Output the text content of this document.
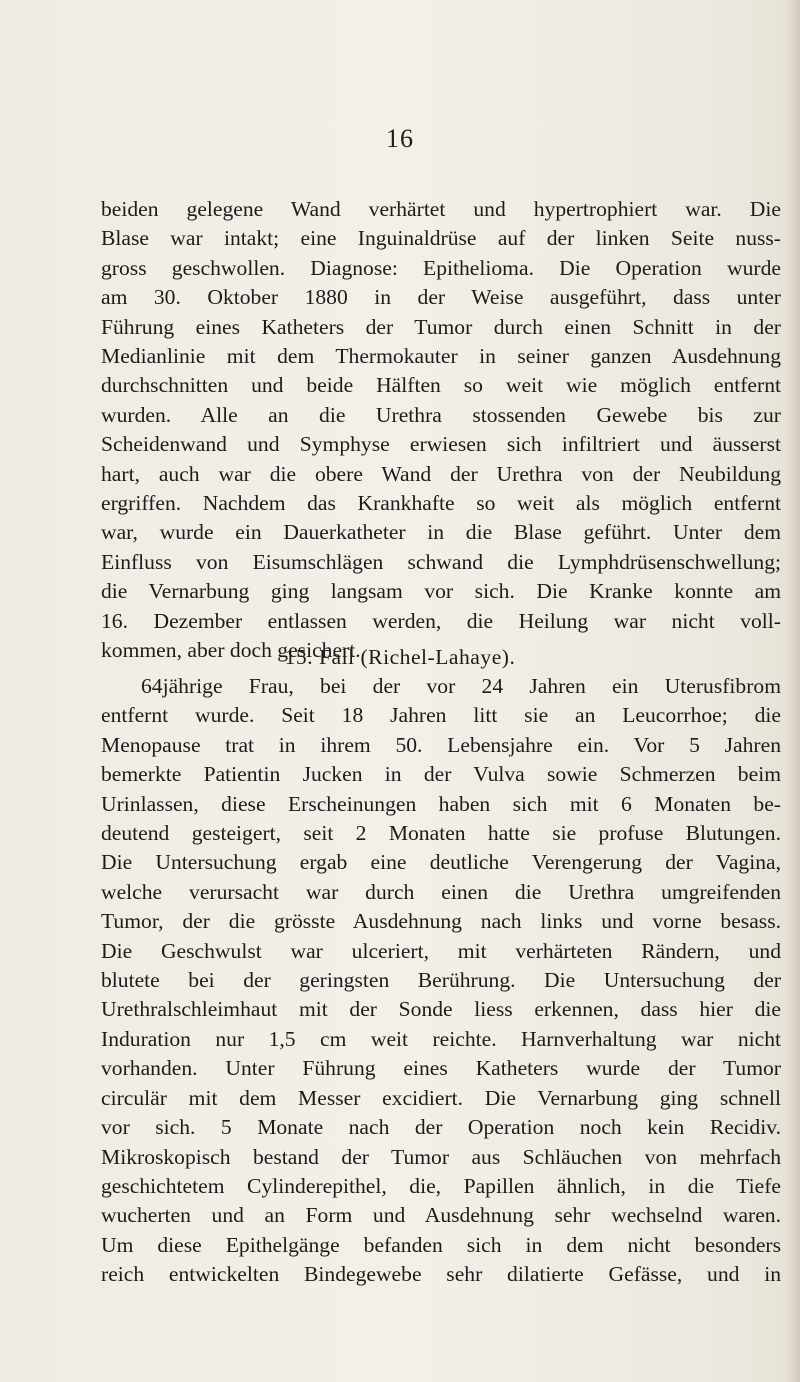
16
beiden gelegene Wand verhärtet und hypertrophiert war. Die
Blase war intakt; eine Inguinaldrüse auf der linken Seite nuss-
gross geschwollen. Diagnose: Epithelioma. Die Operation wurde
am 30. Oktober 1880 in der Weise ausgeführt, dass unter
Führung eines Katheters der Tumor durch einen Schnitt in der
Medianlinie mit dem Thermokauter in seiner ganzen Ausdehnung
durchschnitten und beide Hälften so weit wie möglich entfernt
wurden. Alle an die Urethra stossenden Gewebe bis zur
Scheidenwand und Symphyse erwiesen sich infiltriert und äusserst
hart, auch war die obere Wand der Urethra von der Neubildung
ergriffen. Nachdem das Krankhafte so weit als möglich entfernt
war, wurde ein Dauerkatheter in die Blase geführt. Unter dem
Einfluss von Eisumschlägen schwand die Lymphdrüsenschwellung;
die Vernarbung ging langsam vor sich. Die Kranke konnte am
16. Dezember entlassen werden, die Heilung war nicht voll-
kommen, aber doch gesichert.
15. Fall (Richel-Lahaye).
64jährige Frau, bei der vor 24 Jahren ein Uterusfibrom
entfernt wurde. Seit 18 Jahren litt sie an Leucorrhoe; die
Menopause trat in ihrem 50. Lebensjahre ein. Vor 5 Jahren
bemerkte Patientin Jucken in der Vulva sowie Schmerzen beim
Urinlassen, diese Erscheinungen haben sich mit 6 Monaten be-
deutend gesteigert, seit 2 Monaten hatte sie profuse Blutungen.
Die Untersuchung ergab eine deutliche Verengerung der Vagina,
welche verursacht war durch einen die Urethra umgreifenden
Tumor, der die grösste Ausdehnung nach links und vorne besass.
Die Geschwulst war ulceriert, mit verhärteten Rändern, und
blutete bei der geringsten Berührung. Die Untersuchung der
Urethralschleimhaut mit der Sonde liess erkennen, dass hier die
Induration nur 1,5 cm weit reichte. Harnverhaltung war nicht
vorhanden. Unter Führung eines Katheters wurde der Tumor
circulär mit dem Messer excidiert. Die Vernarbung ging schnell
vor sich. 5 Monate nach der Operation noch kein Recidiv.
Mikroskopisch bestand der Tumor aus Schläuchen von mehrfach
geschichtetem Cylinderepithel, die, Papillen ähnlich, in die Tiefe
wucherten und an Form und Ausdehnung sehr wechselnd waren.
Um diese Epithelgänge befanden sich in dem nicht besonders
reich entwickelten Bindegewebe sehr dilatierte Gefässe, und in
